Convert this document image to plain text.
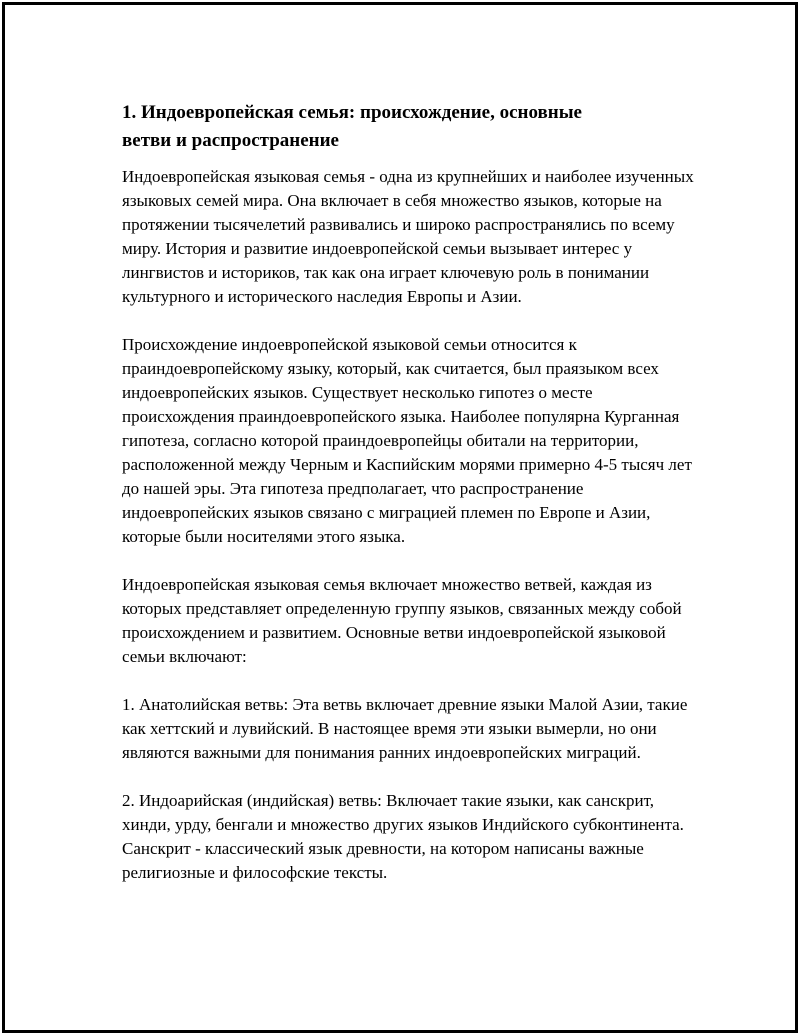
1. Индоевропейская семья: происхождение, основные
ветви и распространение

Индоевропейская языковая семья - одна из крупнейших и наиболее изученных языковых семей мира. Она включает в себя множество языков, которые на протяжении тысячелетий развивались и широко распространялись по всему миру. История и развитие индоевропейской семьи вызывает интерес у лингвистов и историков, так как она играет ключевую роль в понимании культурного и исторического наследия Европы и Азии.

Происхождение индоевропейской языковой семьи относится к праиндоевропейскому языку, который, как считается, был праязыком всех индоевропейских языков. Существует несколько гипотез о месте происхождения праиндоевропейского языка. Наиболее популярна Курганная гипотеза, согласно которой праиндоевропейцы обитали на территории, расположенной между Черным и Каспийским морями примерно 4-5 тысяч лет до нашей эры. Эта гипотеза предполагает, что распространение индоевропейских языков связано с миграцией племен по Европе и Азии, которые были носителями этого языка.

Индоевропейская языковая семья включает множество ветвей, каждая из которых представляет определенную группу языков, связанных между собой происхождением и развитием. Основные ветви индоевропейской языковой семьи включают:

1. Анатолийская ветвь: Эта ветвь включает древние языки Малой Азии, такие как хеттский и лувийский. В настоящее время эти языки вымерли, но они являются важными для понимания ранних индоевропейских миграций.

2. Индоарийская (индийская) ветвь: Включает такие языки, как санскрит, хинди, урду, бенгали и множество других языков Индийского субконтинента. Санскрит - классический язык древности, на котором написаны важные религиозные и философские тексты.
